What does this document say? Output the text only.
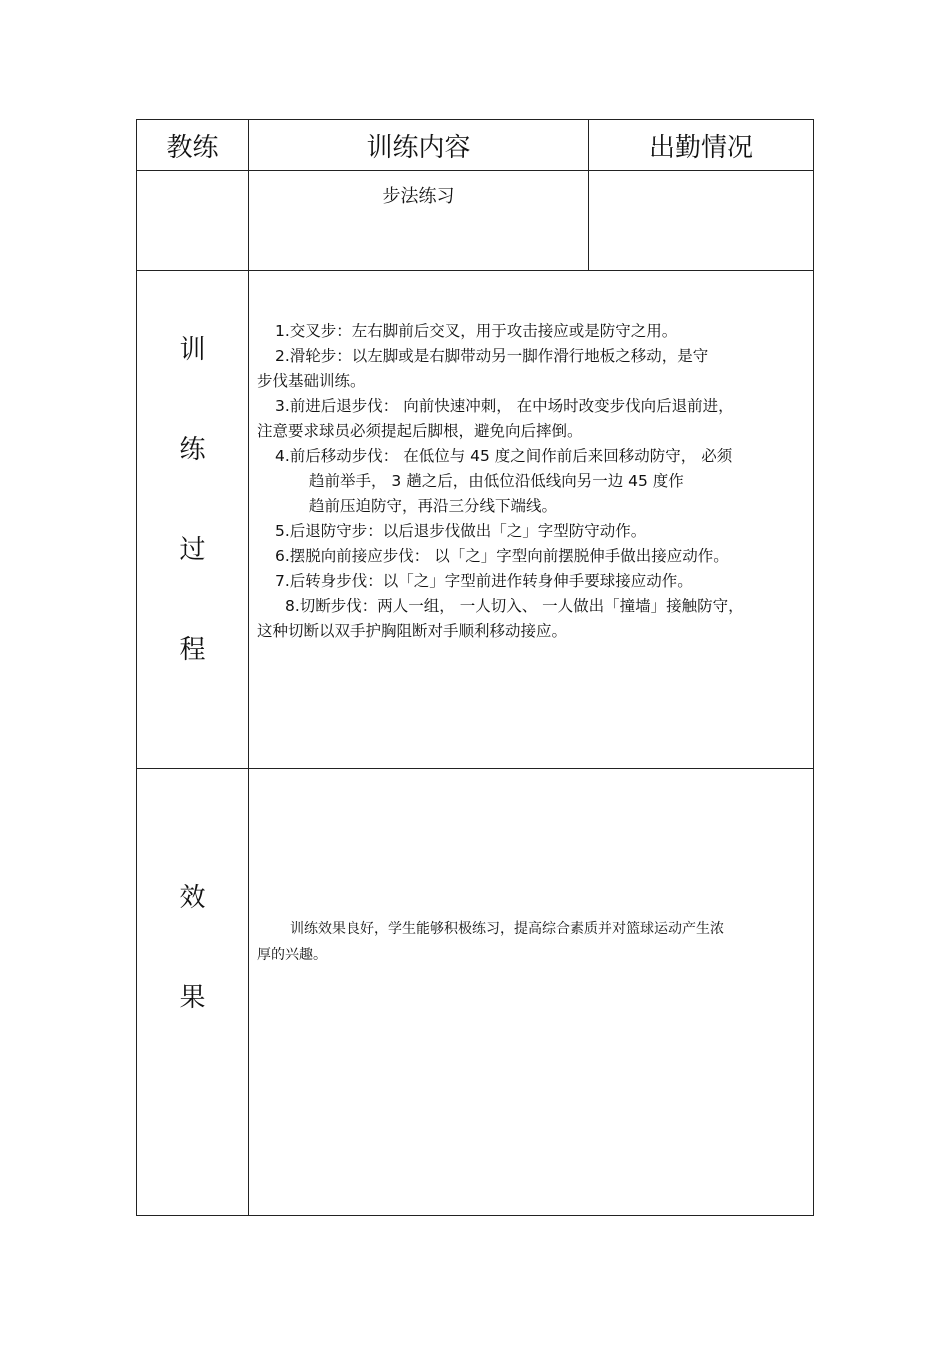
教练	训练内容	出勤情况
步法练习
训
练
过
程
1.交叉步：左右脚前后交叉，用于攻击接应或是防守之用。
2.滑轮步：以左脚或是右脚带动另一脚作滑行地板之移动，是守
步伐基础训练。
3.前进后退步伐： 向前快速冲刺， 在中场时改变步伐向后退前进，
注意要求球员必须提起后脚根，避免向后摔倒。
4.前后移动步伐： 在低位与 45 度之间作前后来回移动防守， 必须
趋前举手， 3 趟之后，由低位沿低线向另一边 45 度作
趋前压迫防守，再沿三分线下端线。
5.后退防守步：以后退步伐做出「之」字型防守动作。
6.摆脱向前接应步伐： 以「之」字型向前摆脱伸手做出接应动作。
7.后转身步伐：以「之」字型前进作转身伸手要球接应动作。
8.切断步伐：两人一组， 一人切入、 一人做出「撞墙」接触防守，
这种切断以双手护胸阻断对手顺利移动接应。
效
果
训练效果良好，学生能够积极练习，提高综合素质并对篮球运动产生浓
厚的兴趣。
